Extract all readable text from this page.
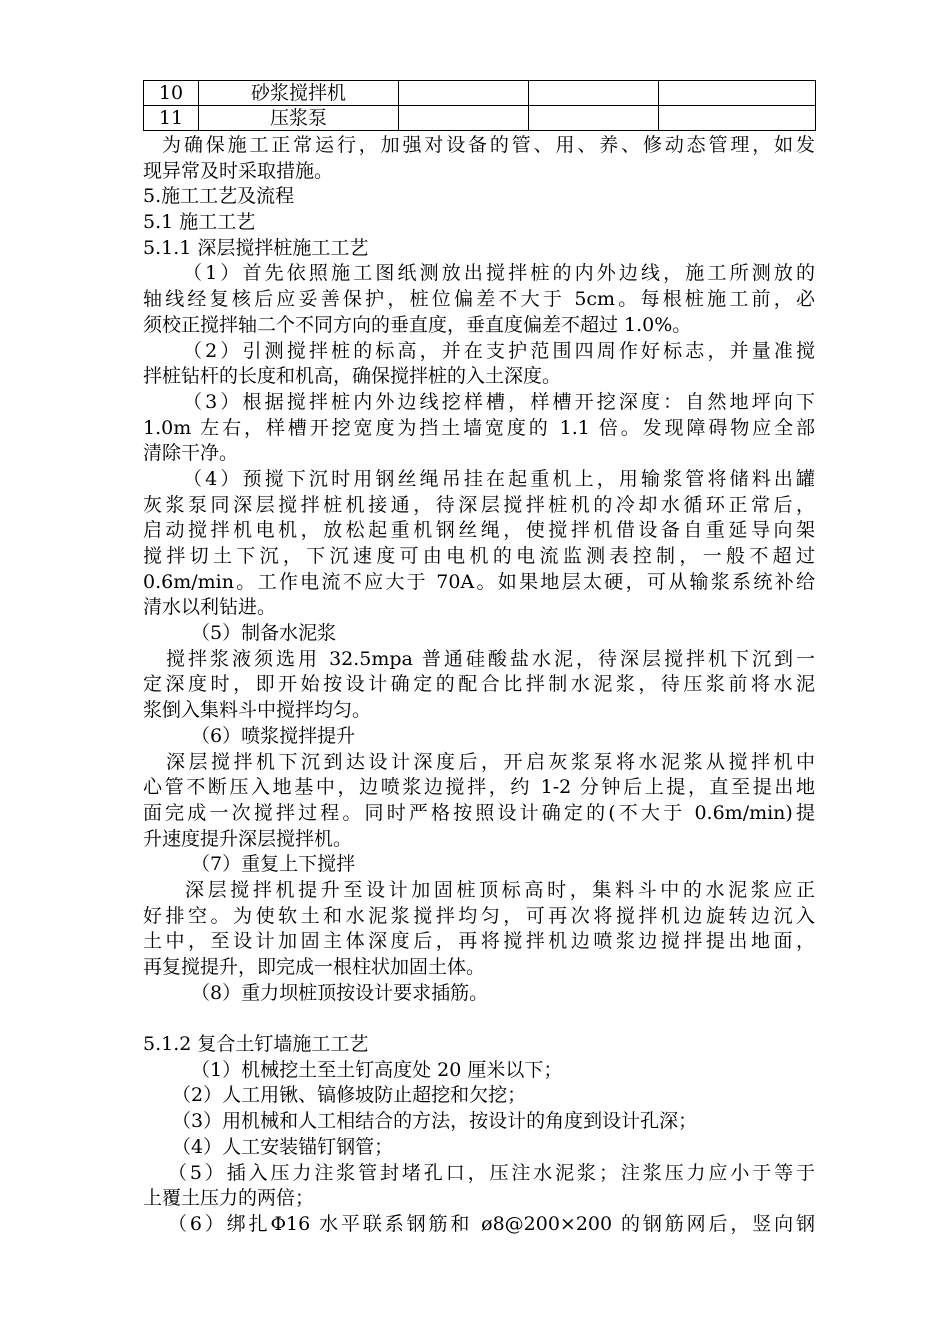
10	砂浆搅拌机			
11	压浆泵			
为确保施工正常运行，加强对设备的管、用、养、修动态管理，如发
现异常及时采取措施。
5.施工工艺及流程
5.1 施工工艺
5.1.1 深层搅拌桩施工工艺
（1）首先依照施工图纸测放出搅拌桩的内外边线，施工所测放的
轴线经复核后应妥善保护，桩位偏差不大于 5cm。每根桩施工前，必
须校正搅拌轴二个不同方向的垂直度，垂直度偏差不超过 1.0%。
（2）引测搅拌桩的标高，并在支护范围四周作好标志，并量准搅
拌桩钻杆的长度和机高，确保搅拌桩的入土深度。
（3）根据搅拌桩内外边线挖样槽，样槽开挖深度：自然地坪向下
1.0m 左右，样槽开挖宽度为挡土墙宽度的 1.1 倍。发现障碍物应全部
清除干净。
（4）预搅下沉时用钢丝绳吊挂在起重机上，用输浆管将储料出罐
灰浆泵同深层搅拌桩机接通，待深层搅拌桩机的冷却水循环正常后，
启动搅拌机电机，放松起重机钢丝绳，使搅拌机借设备自重延导向架
搅拌切土下沉，下沉速度可由电机的电流监测表控制，一般不超过
0.6m/min。工作电流不应大于 70A。如果地层太硬，可从输浆系统补给
清水以利钻进。
（5）制备水泥浆
搅拌浆液须选用 32.5mpa 普通硅酸盐水泥，待深层搅拌机下沉到一
定深度时，即开始按设计确定的配合比拌制水泥浆，待压浆前将水泥
浆倒入集料斗中搅拌均匀。
（6）喷浆搅拌提升
深层搅拌机下沉到达设计深度后，开启灰浆泵将水泥浆从搅拌机中
心管不断压入地基中，边喷浆边搅拌，约 1-2 分钟后上提，直至提出地
面完成一次搅拌过程。同时严格按照设计确定的(不大于 0.6m/min)提
升速度提升深层搅拌机。
（7）重复上下搅拌
深层搅拌机提升至设计加固桩顶标高时，集料斗中的水泥浆应正
好排空。为使软土和水泥浆搅拌均匀，可再次将搅拌机边旋转边沉入
土中，至设计加固主体深度后，再将搅拌机边喷浆边搅拌提出地面，
再复搅提升，即完成一根柱状加固土体。
（8）重力坝桩顶按设计要求插筋。
5.1.2 复合土钉墙施工工艺
（1）机械挖土至土钉高度处 20 厘米以下；
（2）人工用锹、镐修坡防止超挖和欠挖；
（3）用机械和人工相结合的方法，按设计的角度到设计孔深；
（4）人工安装锚钉钢管；
（5）插入压力注浆管封堵孔口，压注水泥浆；注浆压力应小于等于
上覆土压力的两倍；
（6）绑扎Φ16 水平联系钢筋和 ø8@200×200 的钢筋网后，竖向钢
